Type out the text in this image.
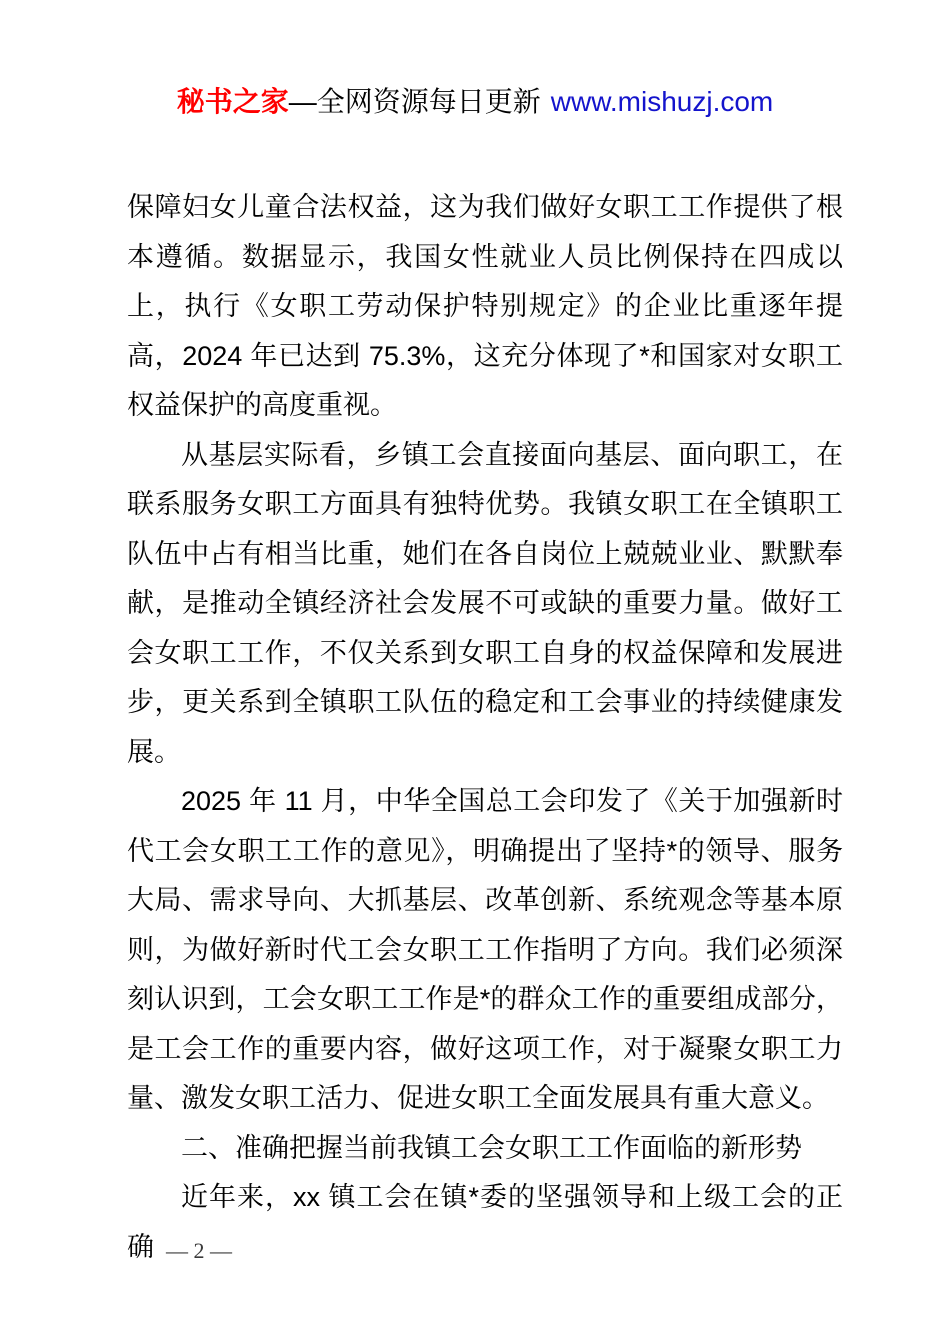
秘书之家—全网资源每日更新 www.mishuzj.com

保障妇女儿童合法权益，这为我们做好女职工工作提供了根本遵循。数据显示，我国女性就业人员比例保持在四成以上，执行《女职工劳动保护特别规定》的企业比重逐年提高，2024 年已达到 75.3%，这充分体现了*和国家对女职工权益保护的高度重视。

从基层实际看，乡镇工会直接面向基层、面向职工，在联系服务女职工方面具有独特优势。我镇女职工在全镇职工队伍中占有相当比重，她们在各自岗位上兢兢业业、默默奉献，是推动全镇经济社会发展不可或缺的重要力量。做好工会女职工工作，不仅关系到女职工自身的权益保障和发展进步，更关系到全镇职工队伍的稳定和工会事业的持续健康发展。

2025 年 11 月，中华全国总工会印发了《关于加强新时代工会女职工工作的意见》，明确提出了坚持*的领导、服务大局、需求导向、大抓基层、改革创新、系统观念等基本原则，为做好新时代工会女职工工作指明了方向。我们必须深刻认识到，工会女职工工作是*的群众工作的重要组成部分，是工会工作的重要内容，做好这项工作，对于凝聚女职工力量、激发女职工活力、促进女职工全面发展具有重大意义。

二、准确把握当前我镇工会女职工工作面临的新形势

近年来，xx 镇工会在镇*委的坚强领导和上级工会的正确 — 2 —
